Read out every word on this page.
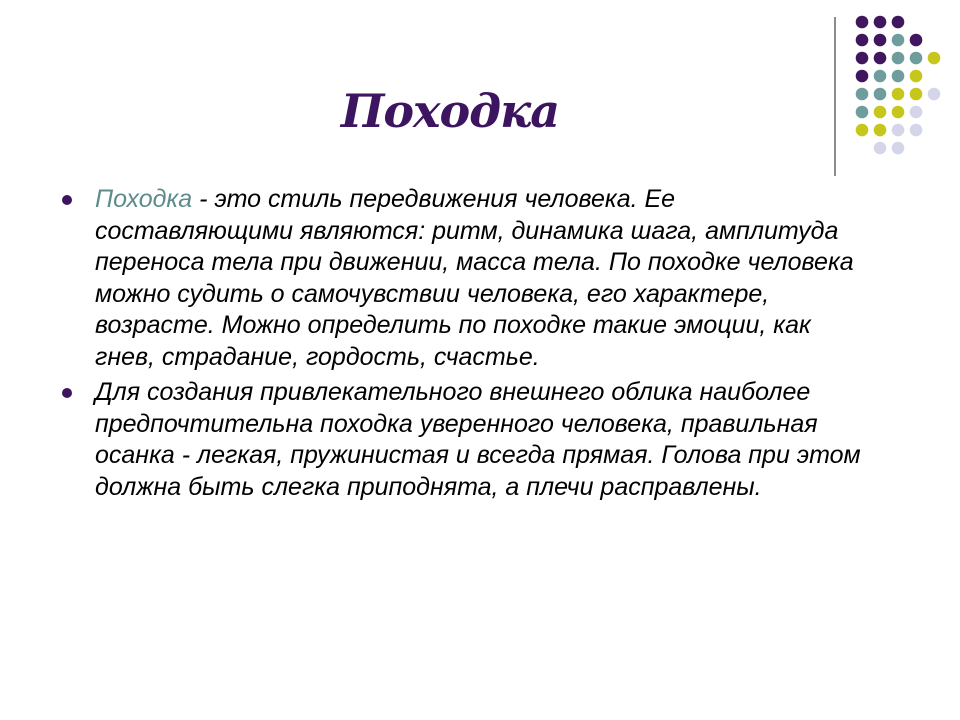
Походка
Походка - это стиль передвижения человека. Ее составляющими являются: ритм, динамика шага, амплитуда переноса тела при движении, масса тела. По походке человека можно судить о самочувствии человека, его характере, возрасте. Можно определить по походке такие эмоции, как гнев, страдание, гордость, счастье.
Для создания привлекательного внешнего облика наиболее предпочтительна походка уверенного человека, правильная осанка - легкая, пружинистая и всегда прямая. Голова при этом должна быть слегка приподнята, а плечи расправлены.
